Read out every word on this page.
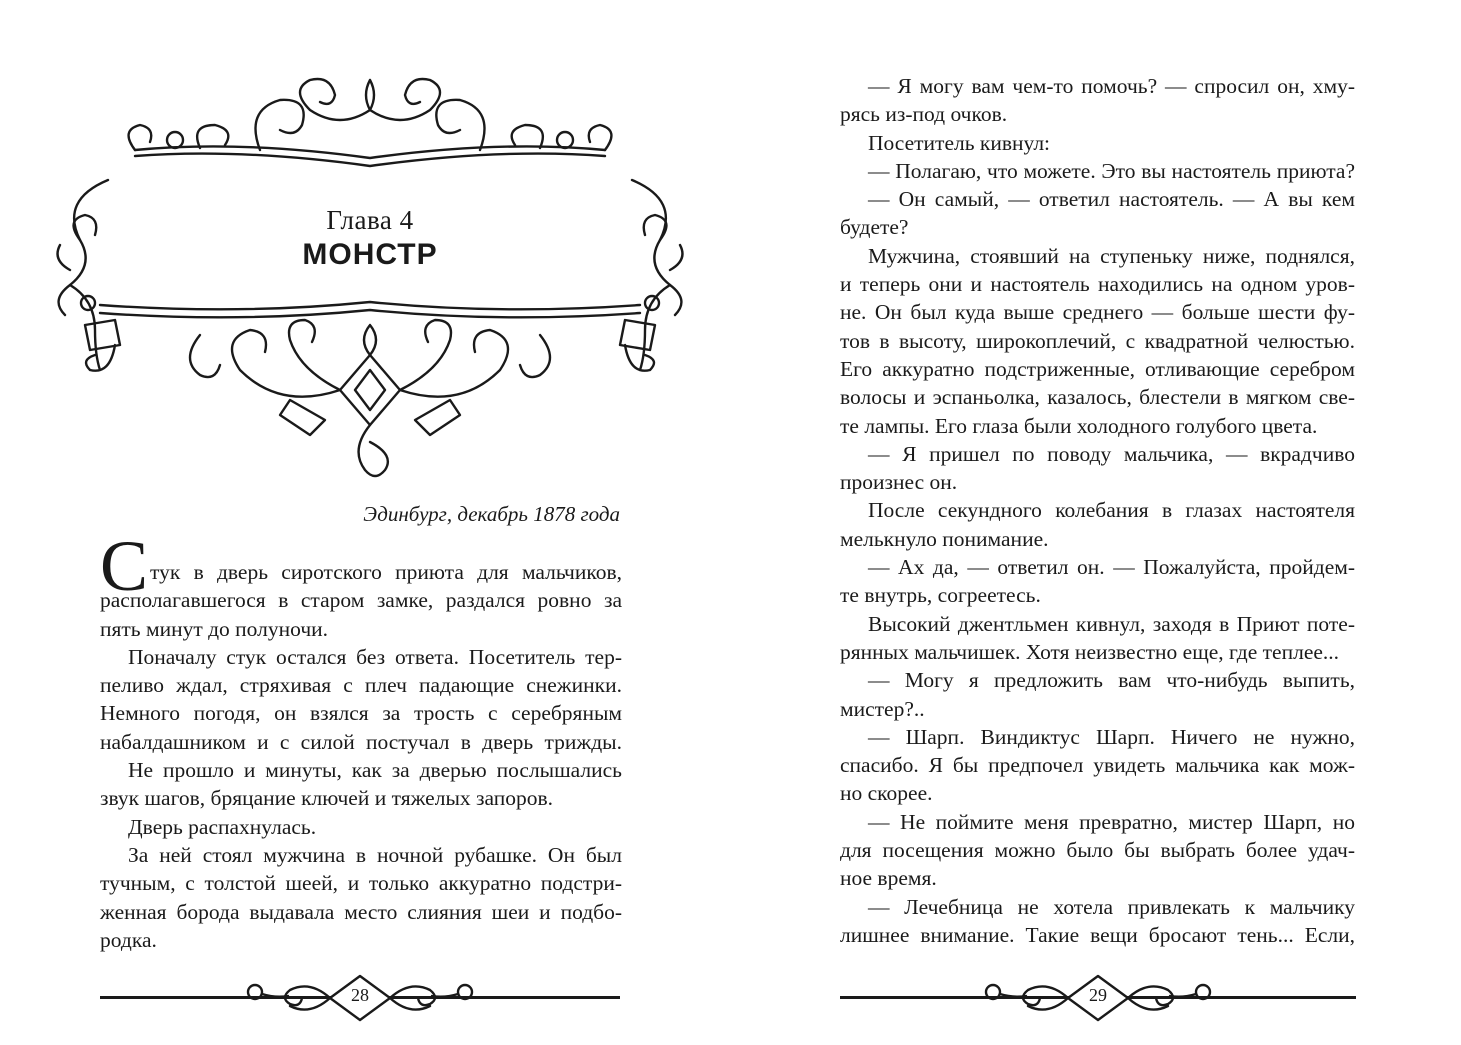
Глава 4
МОНСТР
Эдинбург, декабрь 1878 года
С тук в дверь сиротского приюта для мальчиков,
располагавшегося в старом замке, раздался ровно за
пять минут до полуночи.
Поначалу стук остался без ответа. Посетитель тер-
пеливо ждал, стряхивая с плеч падающие снежинки.
Немного погодя, он взялся за трость с серебряным
набалдашником и с силой постучал в дверь трижды.
Не прошло и минуты, как за дверью послышались
звук шагов, бряцание ключей и тяжелых запоров.
Дверь распахнулась.
За ней стоял мужчина в ночной рубашке. Он был
тучным, с толстой шеей, и только аккуратно подстри-
женная борода выдавала место слияния шеи и подбо-
родка.
28
— Я могу вам чем-то помочь? — спросил он, хму-
рясь из-под очков.
Посетитель кивнул:
— Полагаю, что можете. Это вы настоятель приюта?
— Он самый, — ответил настоятель. — А вы кем
будете?
Мужчина, стоявший на ступеньку ниже, поднялся,
и теперь они и настоятель находились на одном уров-
не. Он был куда выше среднего — больше шести фу-
тов в высоту, широкоплечий, с квадратной челюстью.
Его аккуратно подстриженные, отливающие серебром
волосы и эспаньолка, казалось, блестели в мягком све-
те лампы. Его глаза были холодного голубого цвета.
— Я пришел по поводу мальчика, — вкрадчиво
произнес он.
После секундного колебания в глазах настоятеля
мелькнуло понимание.
— Ах да, — ответил он. — Пожалуйста, пройдем-
те внутрь, согреетесь.
Высокий джентльмен кивнул, заходя в Приют поте-
рянных мальчишек. Хотя неизвестно еще, где теплее...
— Могу я предложить вам что-нибудь выпить,
мистер?..
— Шарп. Виндиктус Шарп. Ничего не нужно,
спасибо. Я бы предпочел увидеть мальчика как мож-
но скорее.
— Не поймите меня превратно, мистер Шарп, но
для посещения можно было бы выбрать более удач-
ное время.
— Лечебница не хотела привлекать к мальчику
лишнее внимание. Такие вещи бросают тень... Если,
29
